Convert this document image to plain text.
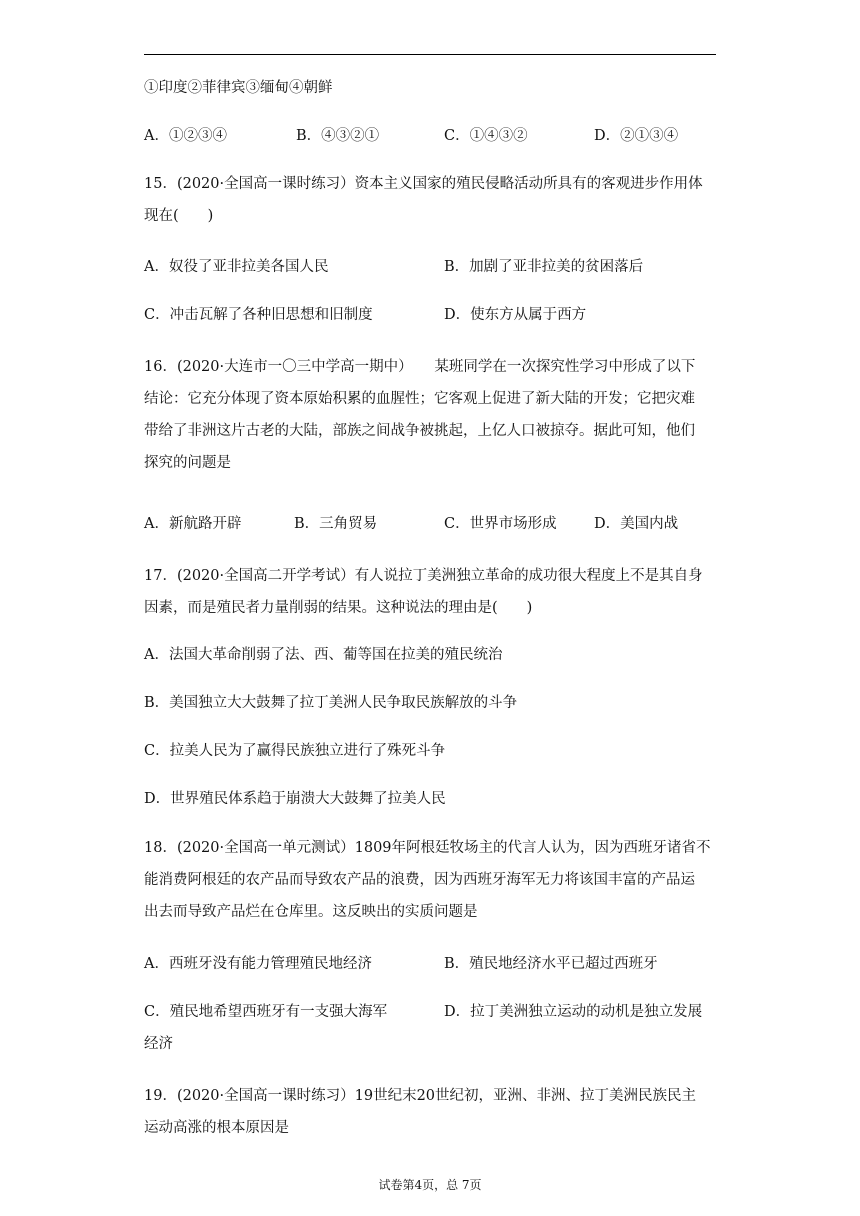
①印度②菲律宾③缅甸④朝鲜
A．①②③④	B．④③②①	C．①④③②	D．②①③④
15．(2020·全国高一课时练习）资本主义国家的殖民侵略活动所具有的客观进步作用体
现在(　　)
A．奴役了亚非拉美各国人民	B．加剧了亚非拉美的贫困落后
C．冲击瓦解了各种旧思想和旧制度	D．使东方从属于西方
16．(2020·大连市一〇三中学高一期中）　　某班同学在一次探究性学习中形成了以下
结论：它充分体现了资本原始积累的血腥性；它客观上促进了新大陆的开发；它把灾难
带给了非洲这片古老的大陆，部族之间战争被挑起，上亿人口被掠夺。据此可知，他们
探究的问题是
A．新航路开辟	B．三角贸易	C．世界市场形成	D．美国内战
17．(2020·全国高二开学考试）有人说拉丁美洲独立革命的成功很大程度上不是其自身
因素，而是殖民者力量削弱的结果。这种说法的理由是(　　)
A．法国大革命削弱了法、西、葡等国在拉美的殖民统治
B．美国独立大大鼓舞了拉丁美洲人民争取民族解放的斗争
C．拉美人民为了赢得民族独立进行了殊死斗争
D．世界殖民体系趋于崩溃大大鼓舞了拉美人民
18．(2020·全国高一单元测试）1809年阿根廷牧场主的代言人认为，因为西班牙诸省不
能消费阿根廷的农产品而导致农产品的浪费，因为西班牙海军无力将该国丰富的产品运
出去而导致产品烂在仓库里。这反映出的实质问题是
A．西班牙没有能力管理殖民地经济	B．殖民地经济水平已超过西班牙
C．殖民地希望西班牙有一支强大海军	D．拉丁美洲独立运动的动机是独立发展
经济
19．(2020·全国高一课时练习）19世纪末20世纪初，亚洲、非洲、拉丁美洲民族民主
运动高涨的根本原因是
试卷第4页，总 7页
